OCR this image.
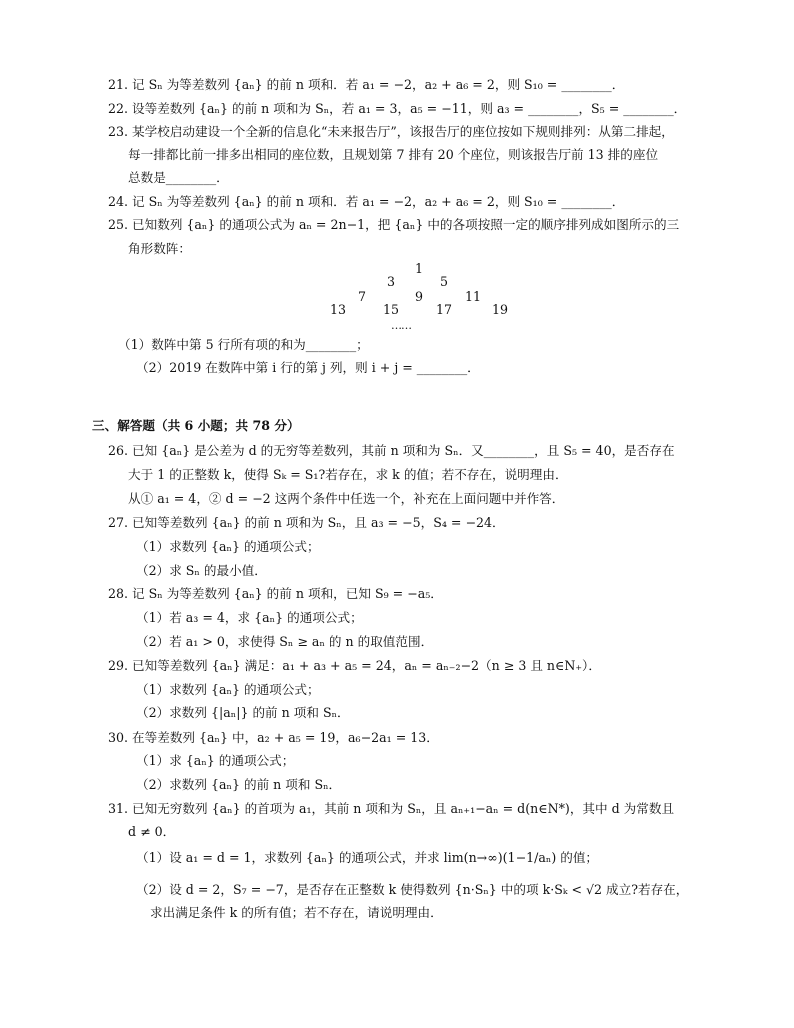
21. 记 Sₙ 为等差数列 {aₙ} 的前 n 项和．若 a₁ = −2，a₂ + a₆ = 2，则 S₁₀ = ________．
22. 设等差数列 {aₙ} 的前 n 项和为 Sₙ，若 a₁ = 3，a₅ = −11，则 a₃ = ________，S₅ = ________．
23. 某学校启动建设一个全新的信息化“未来报告厅”，该报告厅的座位按如下规则排列：从第二排起，
每一排都比前一排多出相同的座位数，且规划第 7 排有 20 个座位，则该报告厅前 13 排的座位
总数是________．
24. 记 Sₙ 为等差数列 {aₙ} 的前 n 项和．若 a₁ = −2，a₂ + a₆ = 2，则 S₁₀ = ________．
25. 已知数列 {aₙ} 的通项公式为 aₙ = 2n−1，把 {aₙ} 中的各项按照一定的顺序排列成如图所示的三
角形数阵：
1
3	5
7	9	11
13	15	17	19
……
（1）数阵中第 5 行所有项的和为________；
（2）2019 在数阵中第 i 行的第 j 列，则 i + j = ________．
三、解答题（共 6 小题；共 78 分）
26. 已知 {aₙ} 是公差为 d 的无穷等差数列，其前 n 项和为 Sₙ．又________，且 S₅ = 40，是否存在
大于 1 的正整数 k，使得 Sₖ = S₁?若存在，求 k 的值；若不存在，说明理由．
从① a₁ = 4，② d = −2 这两个条件中任选一个，补充在上面问题中并作答．
27. 已知等差数列 {aₙ} 的前 n 项和为 Sₙ，且 a₃ = −5，S₄ = −24．
（1）求数列 {aₙ} 的通项公式；
（2）求 Sₙ 的最小值．
28. 记 Sₙ 为等差数列 {aₙ} 的前 n 项和，已知 S₉ = −a₅．
（1）若 a₃ = 4，求 {aₙ} 的通项公式；
（2）若 a₁ > 0，求使得 Sₙ ≥ aₙ 的 n 的取值范围．
29. 已知等差数列 {aₙ} 满足：a₁ + a₃ + a₅ = 24，aₙ = aₙ₋₂−2（n ≥ 3 且 n∈N₊）．
（1）求数列 {aₙ} 的通项公式；
（2）求数列 {|aₙ|} 的前 n 项和 Sₙ．
30. 在等差数列 {aₙ} 中，a₂ + a₅ = 19，a₆−2a₁ = 13．
（1）求 {aₙ} 的通项公式；
（2）求数列 {aₙ} 的前 n 项和 Sₙ．
31. 已知无穷数列 {aₙ} 的首项为 a₁，其前 n 项和为 Sₙ，且 aₙ₊₁−aₙ = d(n∈N*)，其中 d 为常数且
d ≠ 0．
（1）设 a₁ = d = 1，求数列 {aₙ} 的通项公式，并求 lim(n→∞)(1−1/aₙ) 的值；
（2）设 d = 2，S₇ = −7，是否存在正整数 k 使得数列 {n·Sₙ} 中的项 k·Sₖ < √2 成立?若存在，
求出满足条件 k 的所有值；若不存在，请说明理由．
